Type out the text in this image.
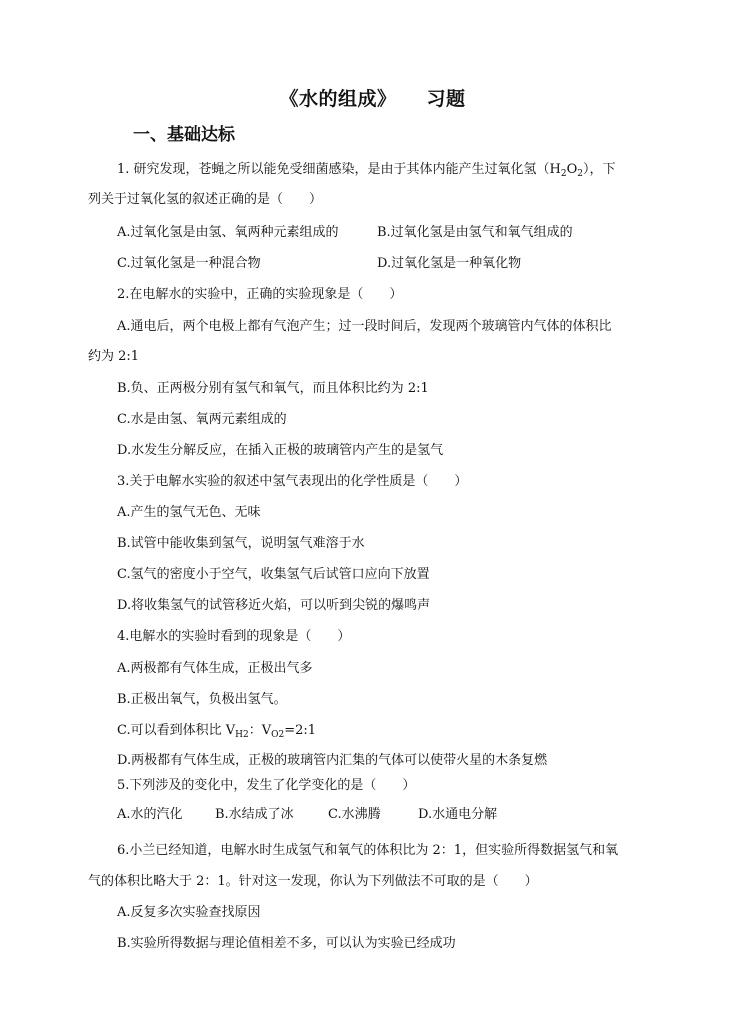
《水的组成》 习题
一、基础达标
1. 研究发现，苍蝇之所以能免受细菌感染，是由于其体内能产生过氧化氢$(H_2O_2)$，下
列关于过氧化氢的叙述正确的是（　　）
A.过氧化氢是由氢、氧两种元素组成的	B.过氧化氢是由氢气和氧气组成的
C.过氧化氢是一种混合物	D.过氧化氢是一种氧化物
2.在电解水的实验中，正确的实验现象是（　　）
A.通电后，两个电极上都有气泡产生；过一段时间后，发现两个玻璃管内气体的体积比
约为 2:1
B.负、正两极分别有氢气和氧气，而且体积比约为 2:1
C.水是由氢、氧两元素组成的
D.水发生分解反应，在插入正极的玻璃管内产生的是氢气
3.关于电解水实验的叙述中氢气表现出的化学性质是（　　）
A.产生的氢气无色、无味
B.试管中能收集到氢气，说明氢气难溶于水
C.氢气的密度小于空气，收集氢气后试管口应向下放置
D.将收集氢气的试管移近火焰，可以听到尖锐的爆鸣声
4.电解水的实验时看到的现象是（　　）
A.两极都有气体生成，正极出气多
B.正极出氧气，负极出氢气。
C.可以看到体积比 $V_{H2}$：$V_{O2}=2:1$
D.两极都有气体生成，正极的玻璃管内汇集的气体可以使带火星的木条复燃
5.下列涉及的变化中，发生了化学变化的是（　　）
A.水的汽化 B.水结成了冰	C.水沸腾	D.水通电分解
6.小兰已经知道，电解水时生成氢气和氧气的体积比为 2：1，但实验所得数据氢气和氧
气的体积比略大于 2：1。针对这一发现，你认为下列做法不可取的是（　　）
A.反复多次实验查找原因
B.实验所得数据与理论值相差不多，可以认为实验已经成功
